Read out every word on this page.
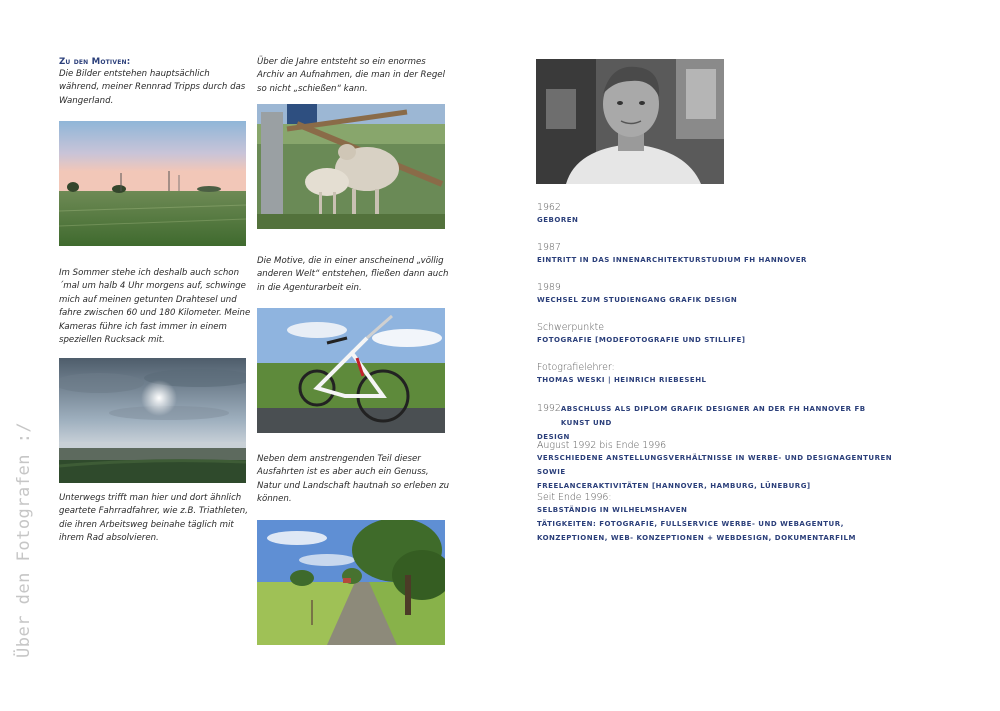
Über den Fotografen :/
Zu den Motiven:
Die Bilder entstehen hauptsächlich während, meiner Rennrad Tripps durch das Wangerland.
Im Sommer stehe ich deshalb auch schon ´mal um halb 4 Uhr morgens auf, schwinge mich auf meinen getunten Drahtesel und fahre zwischen 60 und 180 Kilometer. Meine Kameras führe ich fast immer in einem speziellen Rucksack mit.
Unterwegs trifft man hier und dort ähnlich geartete Fahrradfahrer, wie z.B. Triathleten, die ihren Arbeitsweg beinahe täglich mit ihrem Rad absolvieren.
Über die Jahre entsteht so ein enormes Archiv an Aufnahmen, die man in der Regel so nicht „schießen“ kann.
Die Motive, die in einer anscheinend „völlig anderen Welt“ entstehen, fließen dann auch in die Agenturarbeit ein.
Neben dem anstrengenden Teil dieser Ausfahrten ist es aber auch ein Genuss, Natur und Landschaft hautnah so erleben zu können.
1962
GEBOREN
1987
EINTRITT IN DAS INNENARCHITEKTURSTUDIUM FH HANNOVER
1989
WECHSEL ZUM STUDIENGANG GRAFIK DESIGN
Schwerpunkte
FOTOGRAFIE [MODEFOTOGRAFIE UND STILLIFE]
Fotografielehrer:
THOMAS WESKI | HEINRICH RIEBESEHL
1992 ABSCHLUSS ALS DIPLOM GRAFIK DESIGNER AN DER FH HANNOVER FB KUNST UND
DESIGN
August 1992 bis Ende 1996
VERSCHIEDENE ANSTELLUNGSVERHÄLTNISSE IN WERBE- UND DESIGNAGENTUREN SOWIE
FREELANCERAKTIVITÄTEN [HANNOVER, HAMBURG, LÜNEBURG]
Seit Ende 1996:
SELBSTÄNDIG IN WILHELMSHAVEN
TÄTIGKEITEN: FOTOGRAFIE, FULLSERVICE WERBE- UND WEBAGENTUR,
KONZEPTIONEN, WEB- KONZEPTIONEN + WEBDESIGN, DOKUMENTARFILM
